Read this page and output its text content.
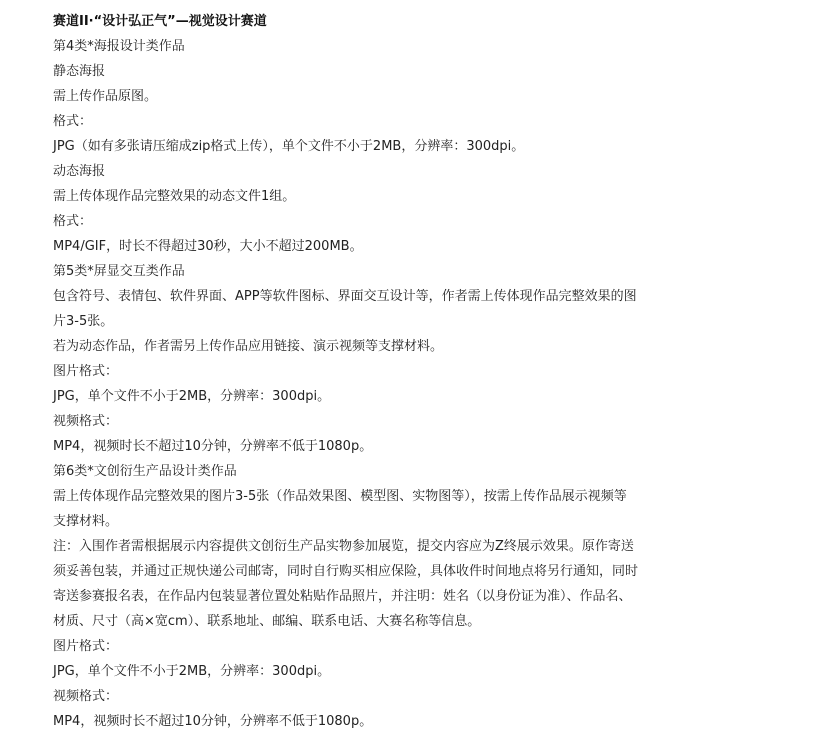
赛道II·“设计弘正气”—视觉设计赛道

第4类*海报设计类作品

静态海报

需上传作品原图。

格式：

JPG（如有多张请压缩成zip格式上传），单个文件不小于2MB，分辨率：300dpi。

动态海报

需上传体现作品完整效果的动态文件1组。

格式：

MP4/GIF，时长不得超过30秒，大小不超过200MB。

第5类*屏显交互类作品

包含符号、表情包、软件界面、APP等软件图标、界面交互设计等，作者需上传体现作品完整效果的图

片3-5张。

若为动态作品，作者需另上传作品应用链接、演示视频等支撑材料。

图片格式：

JPG，单个文件不小于2MB，分辨率：300dpi。

视频格式：

MP4，视频时长不超过10分钟，分辨率不低于1080p。

第6类*文创衍生产品设计类作品

需上传体现作品完整效果的图片3-5张（作品效果图、模型图、实物图等），按需上传作品展示视频等

支撑材料。

注：入围作者需根据展示内容提供文创衍生产品实物参加展览，提交内容应为Z终展示效果。原作寄送

须妥善包装，并通过正规快递公司邮寄，同时自行购买相应保险，具体收件时间地点将另行通知，同时

寄送参赛报名表，在作品内包装显著位置处粘贴作品照片，并注明：姓名（以身份证为准）、作品名、

材质、尺寸（高×宽cm）、联系地址、邮编、联系电话、大赛名称等信息。

图片格式：

JPG，单个文件不小于2MB，分辨率：300dpi。

视频格式：

MP4，视频时长不超过10分钟，分辨率不低于1080p。
